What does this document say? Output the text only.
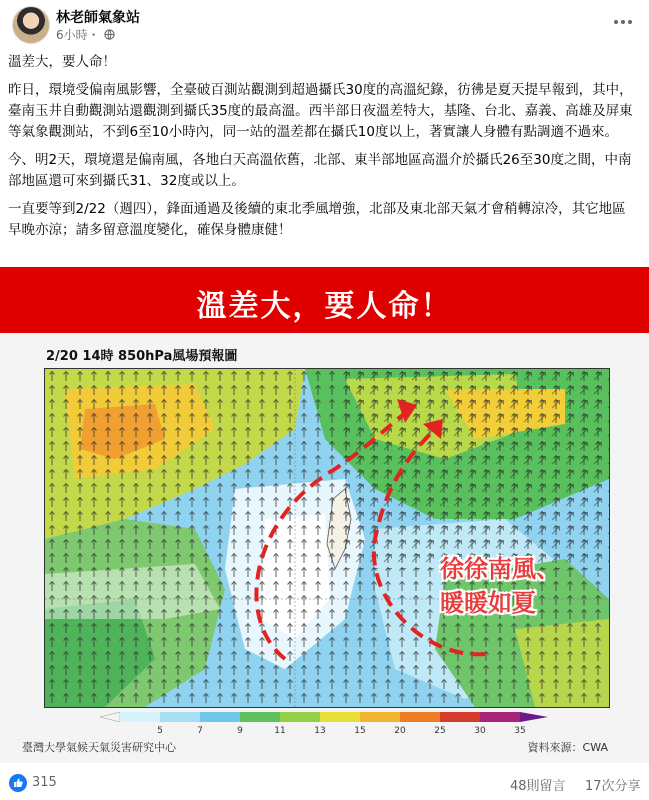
林老師氣象站
6小時・

溫差大，要人命！

昨日，環境受偏南風影響，全臺破百測站觀測到超過攝氏30度的高溫紀錄，彷彿是夏天提早報到，其中，臺南玉井自動觀測站還觀測到攝氏35度的最高溫。西半部日夜溫差特大，基隆、台北、嘉義、高雄及屏東等氣象觀測站，不到6至10小時內，同一站的溫差都在攝氏10度以上，著實讓人身體有點調適不過來。

今、明2天，環境還是偏南風，各地白天高溫依舊，北部、東半部地區高溫介於攝氏26至30度之間，中南部地區還可來到攝氏31、32度或以上。

一直要等到2/22（週四），鋒面通過及後續的東北季風增強，北部及東北部天氣才會稍轉涼冷，其它地區早晚亦涼；請多留意溫度變化，確保身體康健！

溫差大，要人命！
2/20 14時 850hPa風場預報圖
徐徐南風、
暖暖如夏
5	7	9	11	13	15	20	25	30	35
臺灣大學氣候天氣災害研究中心	資料來源：CWA
315	48則留言 17次分享
